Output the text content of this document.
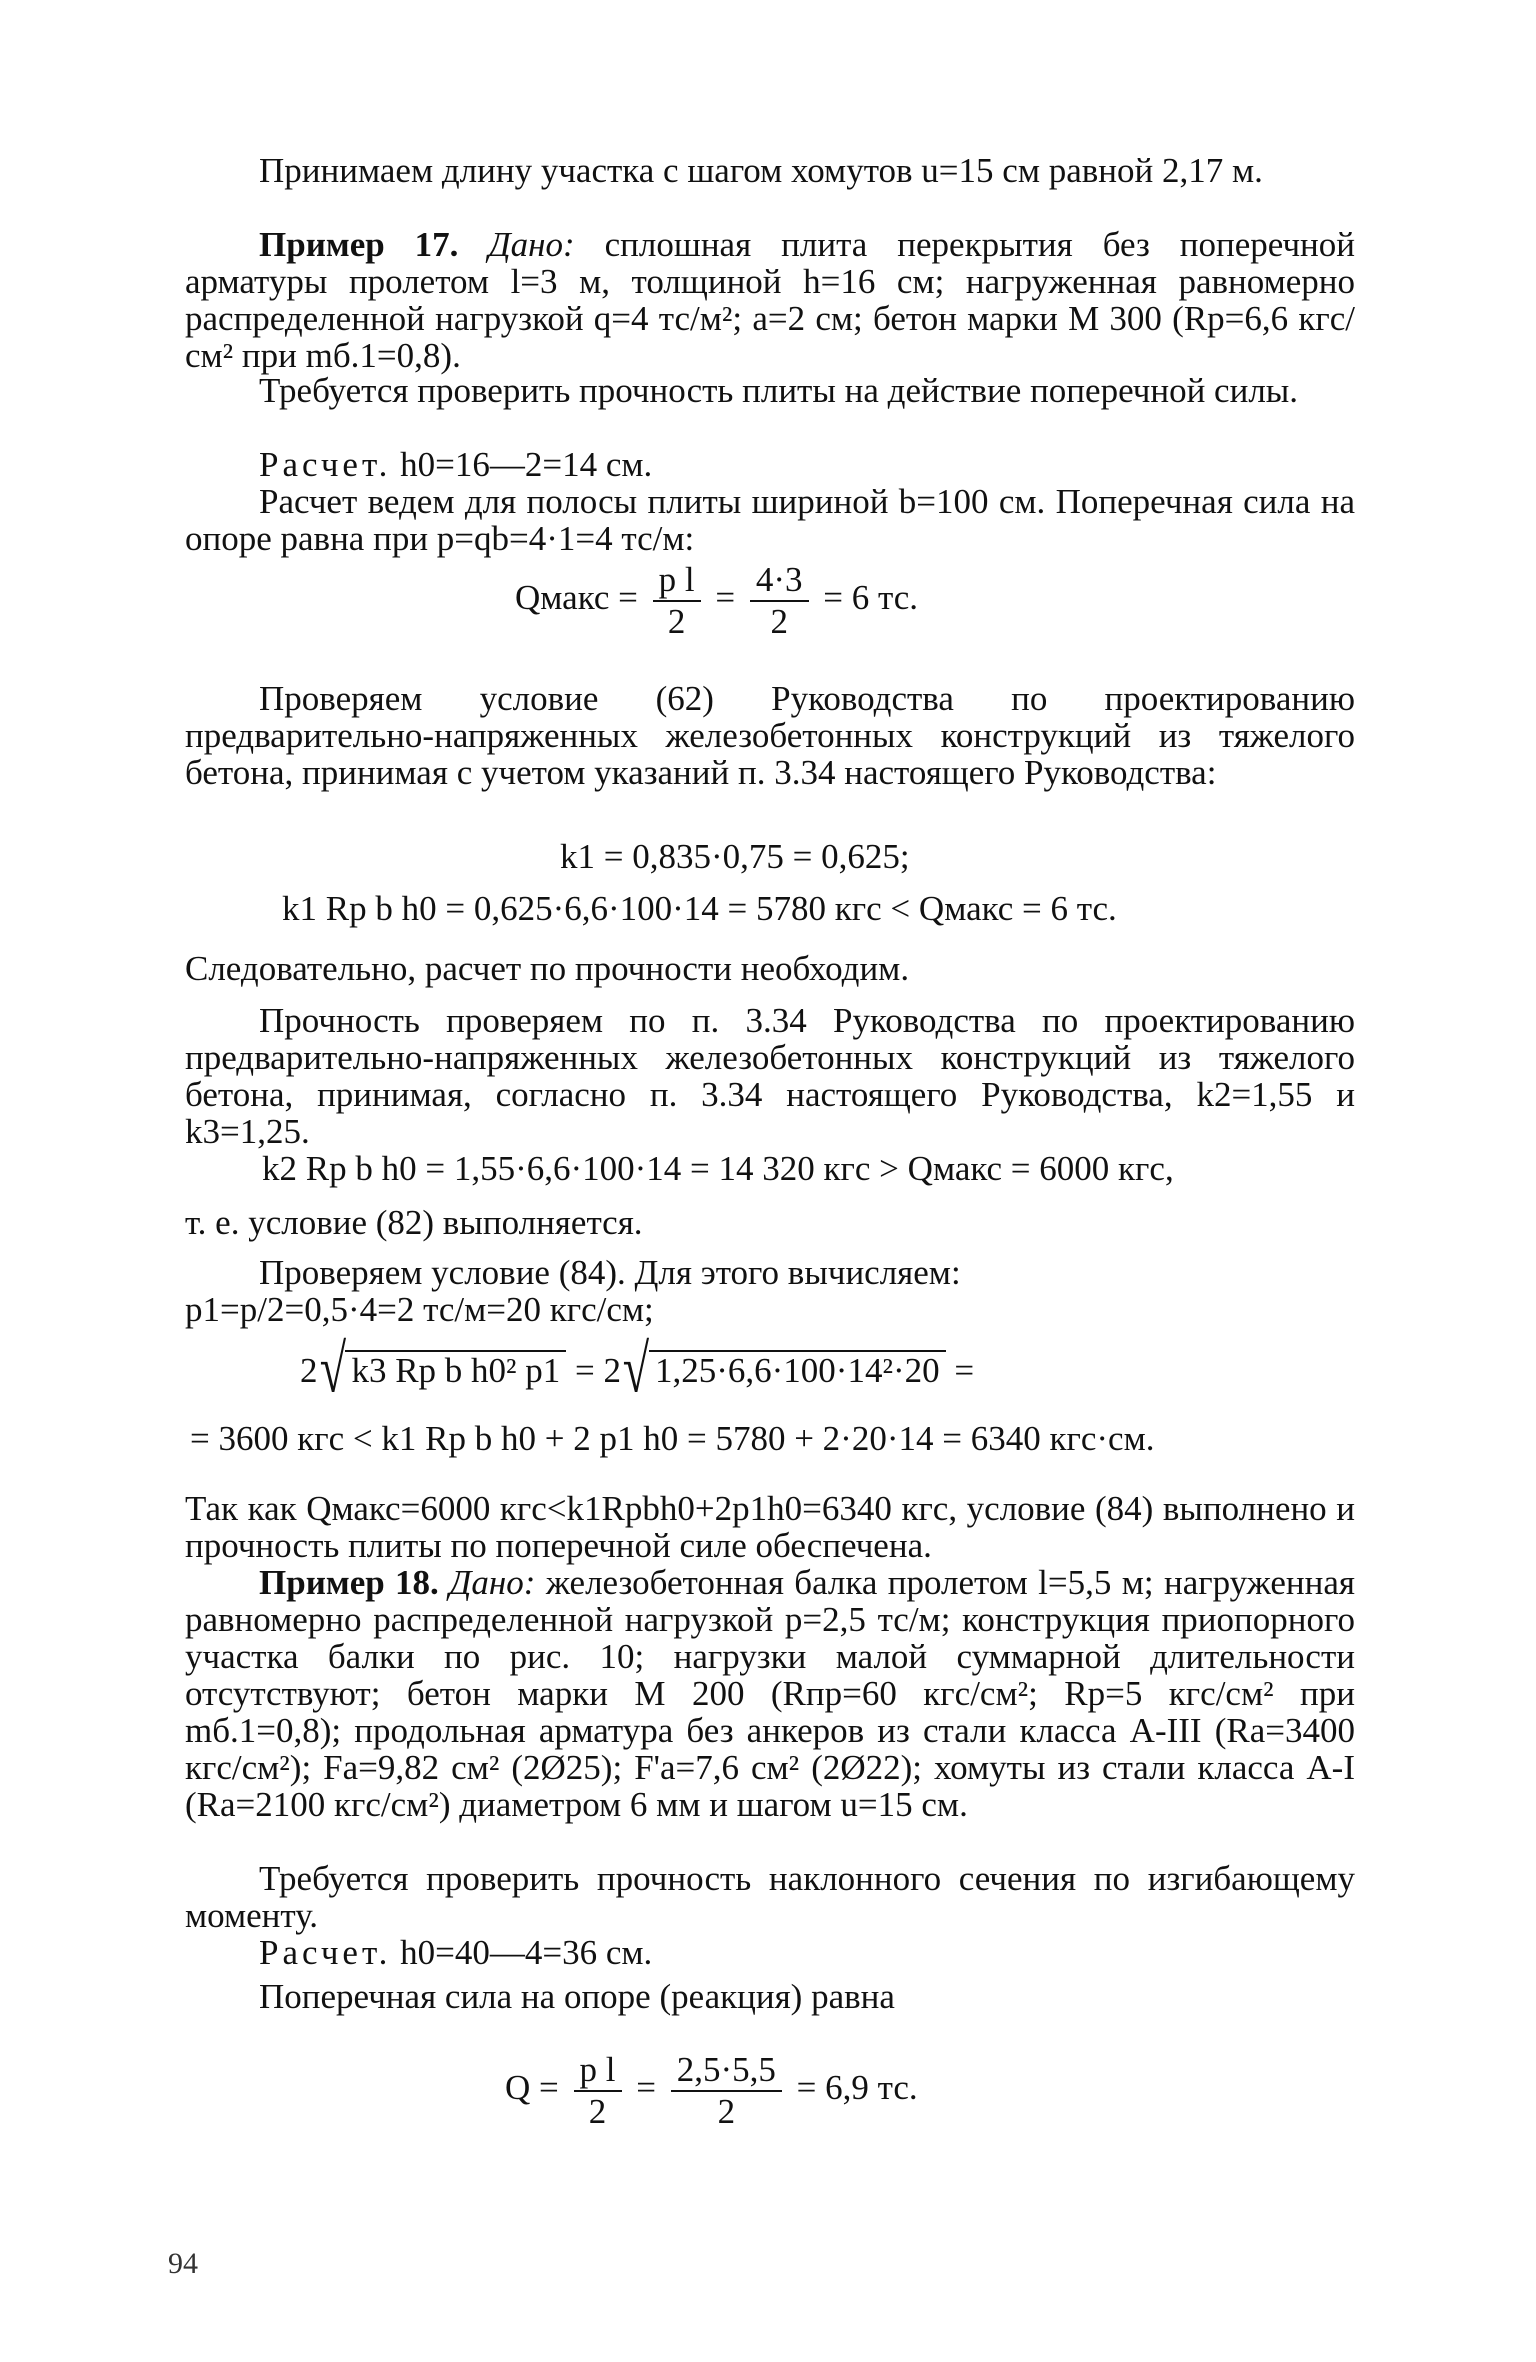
Принимаем длину участка с шагом хомутов u=15 см равной 2,17 м.
Пример 17. Дано: сплошная плита перекрытия без поперечной арматуры пролетом l=3 м, толщиной h=16 см; нагруженная равномерно распределенной нагрузкой q=4 тс/м²; a=2 см; бетон марки М 300 (Rp=6,6 кгс/см² при mб.1=0,8).
Требуется проверить прочность плиты на действие поперечной силы.
Расчет. h0=16—2=14 см.
Расчет ведем для полосы плиты шириной b=100 см. Поперечная сила на опоре равна при p=qb=4·1=4 тс/м:
Qмакс = $\frac{\text{p l}}{2} = \frac{4\cdot 3}{2} = 6$ тс.
Проверяем условие (62) Руководства по проектированию предварительно-напряженных железобетонных конструкций из тяжелого бетона, принимая с учетом указаний п. 3.34 настоящего Руководства:
k1 = 0,835·0,75 = 0,625;
k1 Rp b h0 = 0,625·6,6·100·14 = 5780 кгс < Qмакс = 6 тс.
Следовательно, расчет по прочности необходим.
Прочность проверяем по п. 3.34 Руководства по проектированию предварительно-напряженных железобетонных конструкций из тяжелого бетона, принимая, согласно п. 3.34 настоящего Руководства, k2=1,55 и k3=1,25.
k2 Rp b h0 = 1,55·6,6·100·14 = 14 320 кгс > Qмакс = 6000 кгс,
т. е. условие (82) выполняется.
Проверяем условие (84). Для этого вычисляем:
p1=p/2=0,5·4=2 тс/м=20 кгс/см;
2√ k3 Rp b h0² p1 = 2√ 1,25·6,6·100·14²·20 =
= 3600 кгс < k1 Rp b h0 + 2 p1 h0 = 5780 + 2·20·14 = 6340 кгс·см.
Так как Qмакс=6000 кгс<k1Rpbh0+2p1h0=6340 кгс, условие (84) выполнено и прочность плиты по поперечной силе обеспечена.
Пример 18. Дано: железобетонная балка пролетом l=5,5 м; нагруженная равномерно распределенной нагрузкой p=2,5 тс/м; конструкция приопорного участка балки по рис. 10; нагрузки малой суммарной длительности отсутствуют; бетон марки М 200 (Rпр=60 кгс/см²; Rp=5 кгс/см² при mб.1=0,8); продольная арматура без анкеров из стали класса А-III (Ra=3400 кгс/см²); Fa=9,82 см² (2Ø25); F'a=7,6 см² (2Ø22); хомуты из стали класса А-I (Ra=2100 кгс/см²) диаметром 6 мм и шагом u=15 см.
Требуется проверить прочность наклонного сечения по изгибающему моменту.
Расчет. h0=40—4=36 см.
Поперечная сила на опоре (реакция) равна
$Q = \frac{\text{p l}}{2} = \frac{2,5\cdot 5,5}{2} = 6,9$ тс.
94
